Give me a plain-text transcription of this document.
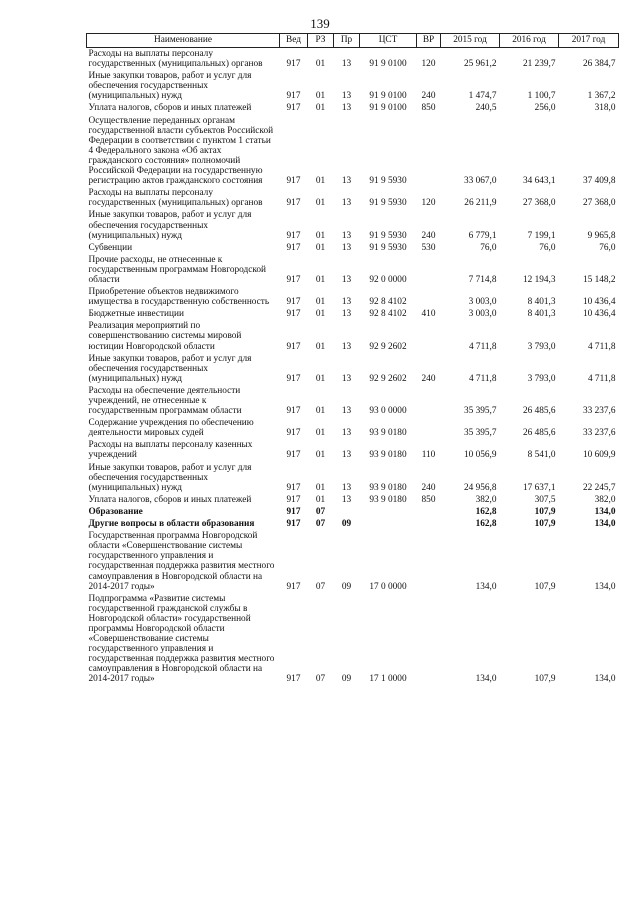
139
Наименование	Вед	РЗ	Пр	ЦСТ	ВР	2015 год	2016 год	2017 год
Расходы на выплаты персоналу государственных (муниципальных) органов	917	01	13	91 9 0100	120	25 961,2	21 239,7	26 384,7
Иные закупки товаров, работ и услуг для обеспечения государственных (муниципальных) нужд	917	01	13	91 9 0100	240	1 474,7	1 100,7	1 367,2
Уплата налогов, сборов и иных платежей	917	01	13	91 9 0100	850	240,5	256,0	318,0
Осуществление переданных органам государственной власти субъектов Российской Федерации в соответствии с пунктом 1 статьи 4 Федерального закона «Об актах гражданского состояния» полномочий Российской Федерации на государственную регистрацию актов гражданского состояния	917	01	13	91 9 5930		33 067,0	34 643,1	37 409,8
Расходы на выплаты персоналу государственных (муниципальных) органов	917	01	13	91 9 5930	120	26 211,9	27 368,0	27 368,0
Иные закупки товаров, работ и услуг для обеспечения государственных (муниципальных) нужд	917	01	13	91 9 5930	240	6 779,1	7 199,1	9 965,8
Субвенции	917	01	13	91 9 5930	530	76,0	76,0	76,0
Прочие расходы, не отнесенные к государственным программам Новгородской области	917	01	13	92 0 0000		7 714,8	12 194,3	15 148,2
Приобретение объектов недвижимого имущества в государственную собственность	917	01	13	92 8 4102		3 003,0	8 401,3	10 436,4
Бюджетные инвестиции	917	01	13	92 8 4102	410	3 003,0	8 401,3	10 436,4
Реализация мероприятий по совершенствованию системы мировой юстиции Новгородской области	917	01	13	92 9 2602		4 711,8	3 793,0	4 711,8
Иные закупки товаров, работ и услуг для обеспечения государственных (муниципальных) нужд	917	01	13	92 9 2602	240	4 711,8	3 793,0	4 711,8
Расходы на обеспечение деятельности учреждений, не отнесенные к государственным программам области	917	01	13	93 0 0000		35 395,7	26 485,6	33 237,6
Содержание учреждения по обеспечению деятельности мировых судей	917	01	13	93 9 0180		35 395,7	26 485,6	33 237,6
Расходы на выплаты персоналу казенных учреждений	917	01	13	93 9 0180	110	10 056,9	8 541,0	10 609,9
Иные закупки товаров, работ и услуг для обеспечения государственных (муниципальных) нужд	917	01	13	93 9 0180	240	24 956,8	17 637,1	22 245,7
Уплата налогов, сборов и иных платежей	917	01	13	93 9 0180	850	382,0	307,5	382,0
Образование	917	07				162,8	107,9	134,0
Другие вопросы в области образования	917	07	09			162,8	107,9	134,0
Государственная программа Новгородской области «Совершенствование системы государственного управления и государственная поддержка развития местного самоуправления в Новгородской области на 2014-2017 годы»	917	07	09	17 0 0000		134,0	107,9	134,0
Подпрограмма «Развитие системы государственной гражданской службы в Новгородской области» государственной программы Новгородской области «Совершенствование системы государственного управления и государственная поддержка развития местного самоуправления в Новгородской области на 2014-2017 годы»	917	07	09	17 1 0000		134,0	107,9	134,0
